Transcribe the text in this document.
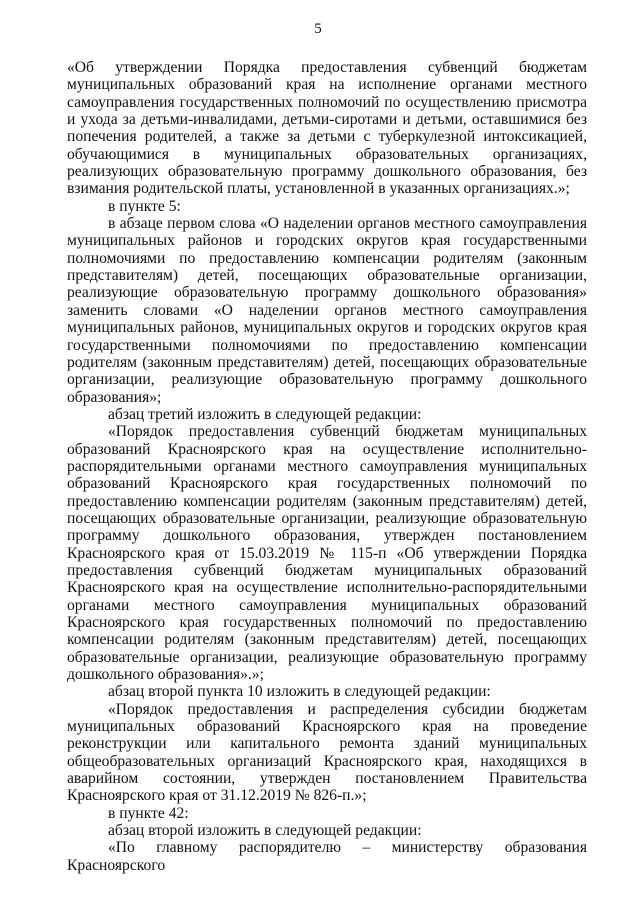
5

«Об утверждении Порядка предоставления субвенций бюджетам муниципальных образований края на исполнение органами местного самоуправления государственных полномочий по осуществлению присмотра и ухода за детьми-инвалидами, детьми-сиротами и детьми, оставшимися без попечения родителей, а также за детьми с туберкулезной интоксикацией, обучающимися в муниципальных образовательных организациях, реализующих образовательную программу дошкольного образования, без взимания родительской платы, установленной в указанных организациях.»;

в пункте 5:

в абзаце первом слова «О наделении органов местного самоуправления муниципальных районов и городских округов края государственными полномочиями по предоставлению компенсации родителям (законным представителям) детей, посещающих образовательные организации, реализующие образовательную программу дошкольного образования» заменить словами «О наделении органов местного самоуправления муниципальных районов, муниципальных округов и городских округов края государственными полномочиями по предоставлению компенсации родителям (законным представителям) детей, посещающих образовательные организации, реализующие образовательную программу дошкольного образования»;

абзац третий изложить в следующей редакции:

«Порядок предоставления субвенций бюджетам муниципальных образований Красноярского края на осуществление исполнительно-распорядительными органами местного самоуправления муниципальных образований Красноярского края государственных полномочий по предоставлению компенсации родителям (законным представителям) детей, посещающих образовательные организации, реализующие образовательную программу дошкольного образования, утвержден постановлением Красноярского края от 15.03.2019 № 115-п «Об утверждении Порядка предоставления субвенций бюджетам муниципальных образований Красноярского края на осуществление исполнительно-распорядительными органами местного самоуправления муниципальных образований Красноярского края государственных полномочий по предоставлению компенсации родителям (законным представителям) детей, посещающих образовательные организации, реализующие образовательную программу дошкольного образования».»;

абзац второй пункта 10 изложить в следующей редакции:

«Порядок предоставления и распределения субсидии бюджетам муниципальных образований Красноярского края на проведение реконструкции или капитального ремонта зданий муниципальных общеобразовательных организаций Красноярского края, находящихся в аварийном состоянии, утвержден постановлением Правительства Красноярского края от 31.12.2019 № 826-п.»;

в пункте 42:

абзац второй изложить в следующей редакции:

«По главному распорядителю – министерству образования Красноярского
